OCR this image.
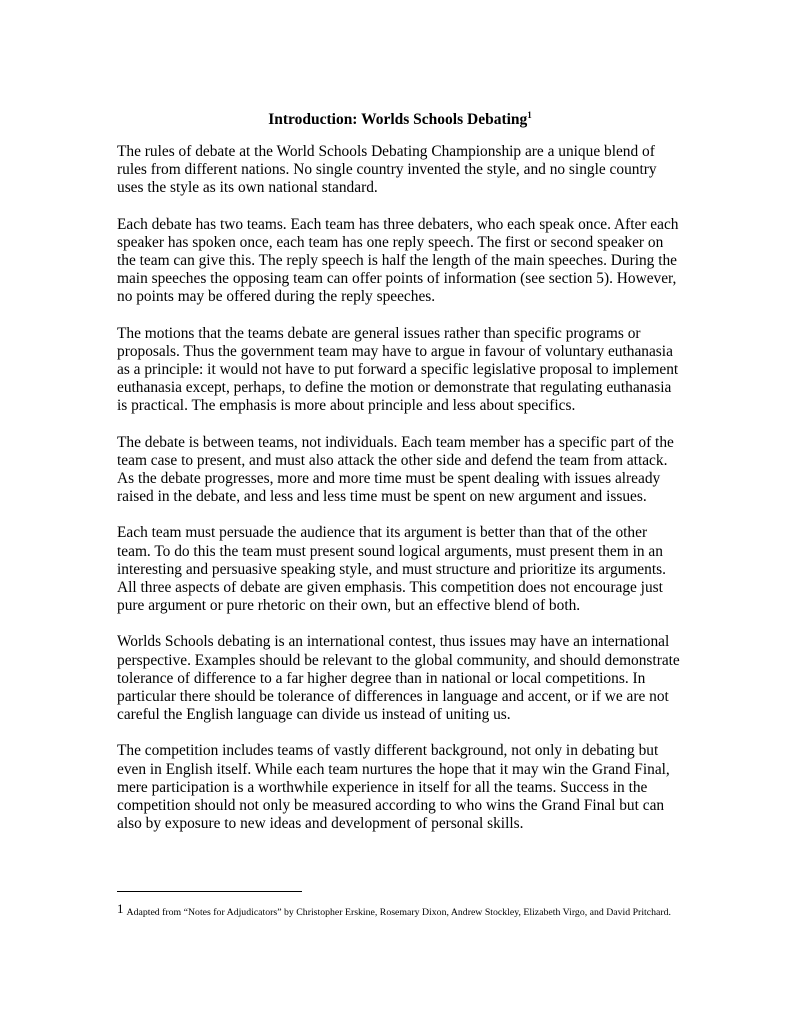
Introduction: Worlds Schools Debating$^1$

The rules of debate at the World Schools Debating Championship are a unique blend of rules from different nations. No single country invented the style, and no single country uses the style as its own national standard.

Each debate has two teams. Each team has three debaters, who each speak once. After each speaker has spoken once, each team has one reply speech. The first or second speaker on the team can give this. The reply speech is half the length of the main speeches. During the main speeches the opposing team can offer points of information (see section 5). However, no points may be offered during the reply speeches.

The motions that the teams debate are general issues rather than specific programs or proposals. Thus the government team may have to argue in favour of voluntary euthanasia as a principle: it would not have to put forward a specific legislative proposal to implement euthanasia except, perhaps, to define the motion or demonstrate that regulating euthanasia is practical. The emphasis is more about principle and less about specifics.

The debate is between teams, not individuals. Each team member has a specific part of the team case to present, and must also attack the other side and defend the team from attack. As the debate progresses, more and more time must be spent dealing with issues already raised in the debate, and less and less time must be spent on new argument and issues.

Each team must persuade the audience that its argument is better than that of the other team. To do this the team must present sound logical arguments, must present them in an interesting and persuasive speaking style, and must structure and prioritize its arguments. All three aspects of debate are given emphasis. This competition does not encourage just pure argument or pure rhetoric on their own, but an effective blend of both.

Worlds Schools debating is an international contest, thus issues may have an international perspective. Examples should be relevant to the global community, and should demonstrate tolerance of difference to a far higher degree than in national or local competitions. In particular there should be tolerance of differences in language and accent, or if we are not careful the English language can divide us instead of uniting us.

The competition includes teams of vastly different background, not only in debating but even in English itself. While each team nurtures the hope that it may win the Grand Final, mere participation is a worthwhile experience in itself for all the teams. Success in the competition should not only be measured according to who wins the Grand Final but can also by exposure to new ideas and development of personal skills.

1 Adapted from “Notes for Adjudicators” by Christopher Erskine, Rosemary Dixon, Andrew Stockley, Elizabeth Virgo, and David Pritchard.
